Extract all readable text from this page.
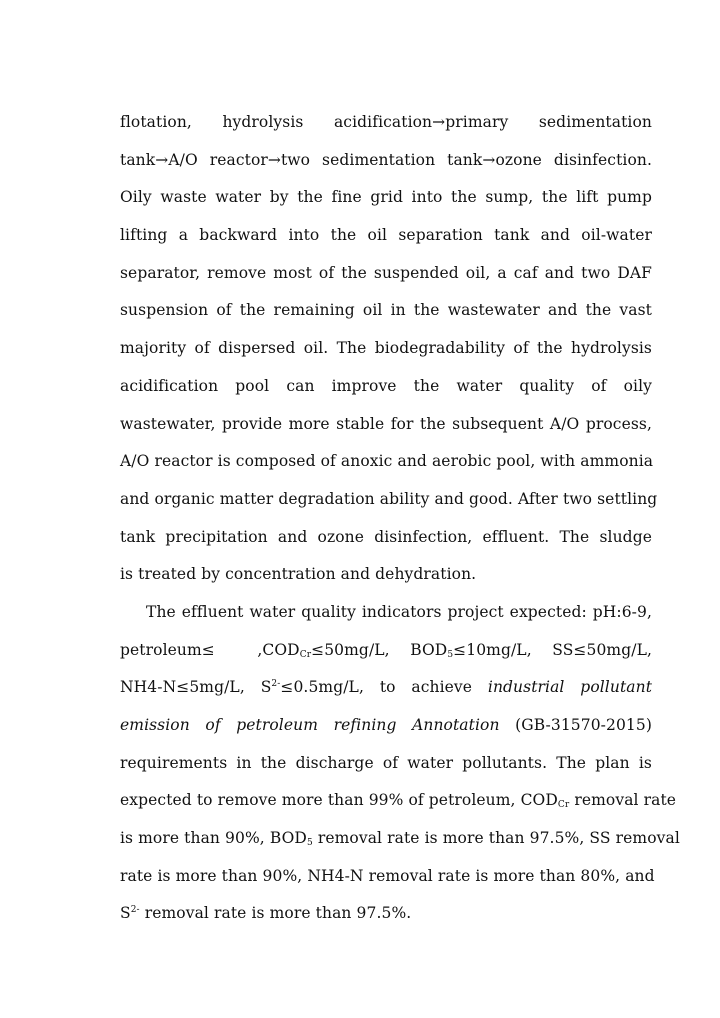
flotation, hydrolysis acidification→primary sedimentation
tank→A/O reactor→two sedimentation tank→ozone disinfection.
Oily waste water by the fine grid into the sump, the lift pump
lifting a backward into the oil separation tank and oil-water
separator, remove most of the suspended oil, a caf and two DAF
suspension of the remaining oil in the wastewater and the vast
majority of dispersed oil. The biodegradability of the hydrolysis
acidification pool can improve the water quality of oily
wastewater, provide more stable for the subsequent A/O process,
A/O reactor is composed of anoxic and aerobic pool, with ammonia
and organic matter degradation ability and good. After two settling
tank precipitation and ozone disinfection, effluent. The sludge
is treated by concentration and dehydration.
The effluent water quality indicators project expected: pH:6-9,
petroleum≤	$,COD_{Cr}\le 50mg/L$, $BOD_5\le 10mg/L$, SS≤50mg/L,
NH4-N≤5mg/L, $S^{2-}\le 0.5mg/L$, to achieve industrial pollutant
emission of petroleum refining Annotation (GB-31570-2015)
requirements in the discharge of water pollutants. The plan is
expected to remove more than 99% of petroleum, $COD_{Cr}$ removal rate
is more than 90%, $BOD_5$ removal rate is more than 97.5%, SS removal
rate is more than 90%, NH4-N removal rate is more than 80%, and
$S^{2-}$ removal rate is more than 97.5%.
